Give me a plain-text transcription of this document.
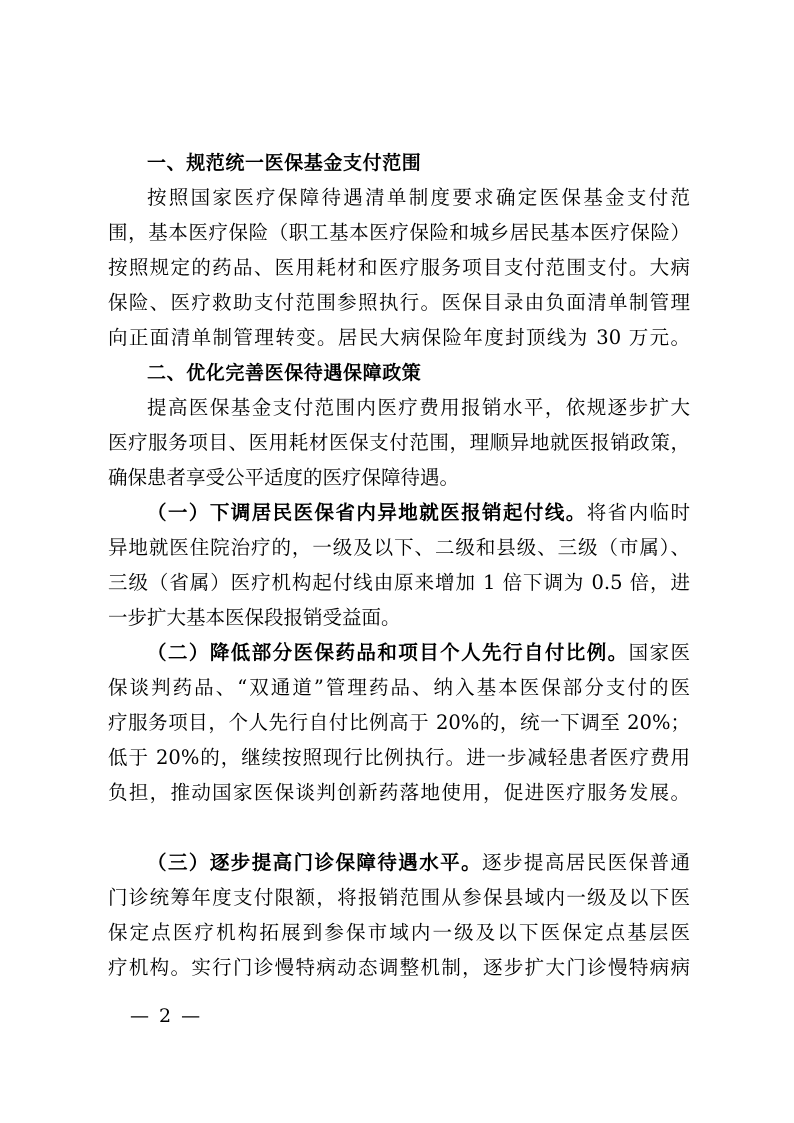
一、规范统一医保基金支付范围
按照国家医疗保障待遇清单制度要求确定医保基金支付范
围，基本医疗保险（职工基本医疗保险和城乡居民基本医疗保险）
按照规定的药品、医用耗材和医疗服务项目支付范围支付。大病
保险、医疗救助支付范围参照执行。医保目录由负面清单制管理
向正面清单制管理转变。居民大病保险年度封顶线为 30 万元。
二、优化完善医保待遇保障政策
提高医保基金支付范围内医疗费用报销水平，依规逐步扩大
医疗服务项目、医用耗材医保支付范围，理顺异地就医报销政策，
确保患者享受公平适度的医疗保障待遇。
（一）下调居民医保省内异地就医报销起付线。将省内临时
异地就医住院治疗的，一级及以下、二级和县级、三级（市属）、
三级（省属）医疗机构起付线由原来增加 1 倍下调为 0.5 倍，进
一步扩大基本医保段报销受益面。
（二）降低部分医保药品和项目个人先行自付比例。国家医
保谈判药品、“双通道”管理药品、纳入基本医保部分支付的医
疗服务项目，个人先行自付比例高于 20%的，统一下调至 20%；
低于 20%的，继续按照现行比例执行。进一步减轻患者医疗费用
负担，推动国家医保谈判创新药落地使用，促进医疗服务发展。
（三）逐步提高门诊保障待遇水平。逐步提高居民医保普通
门诊统筹年度支付限额，将报销范围从参保县域内一级及以下医
保定点医疗机构拓展到参保市域内一级及以下医保定点基层医
疗机构。实行门诊慢特病动态调整机制，逐步扩大门诊慢特病病
— 2 —
